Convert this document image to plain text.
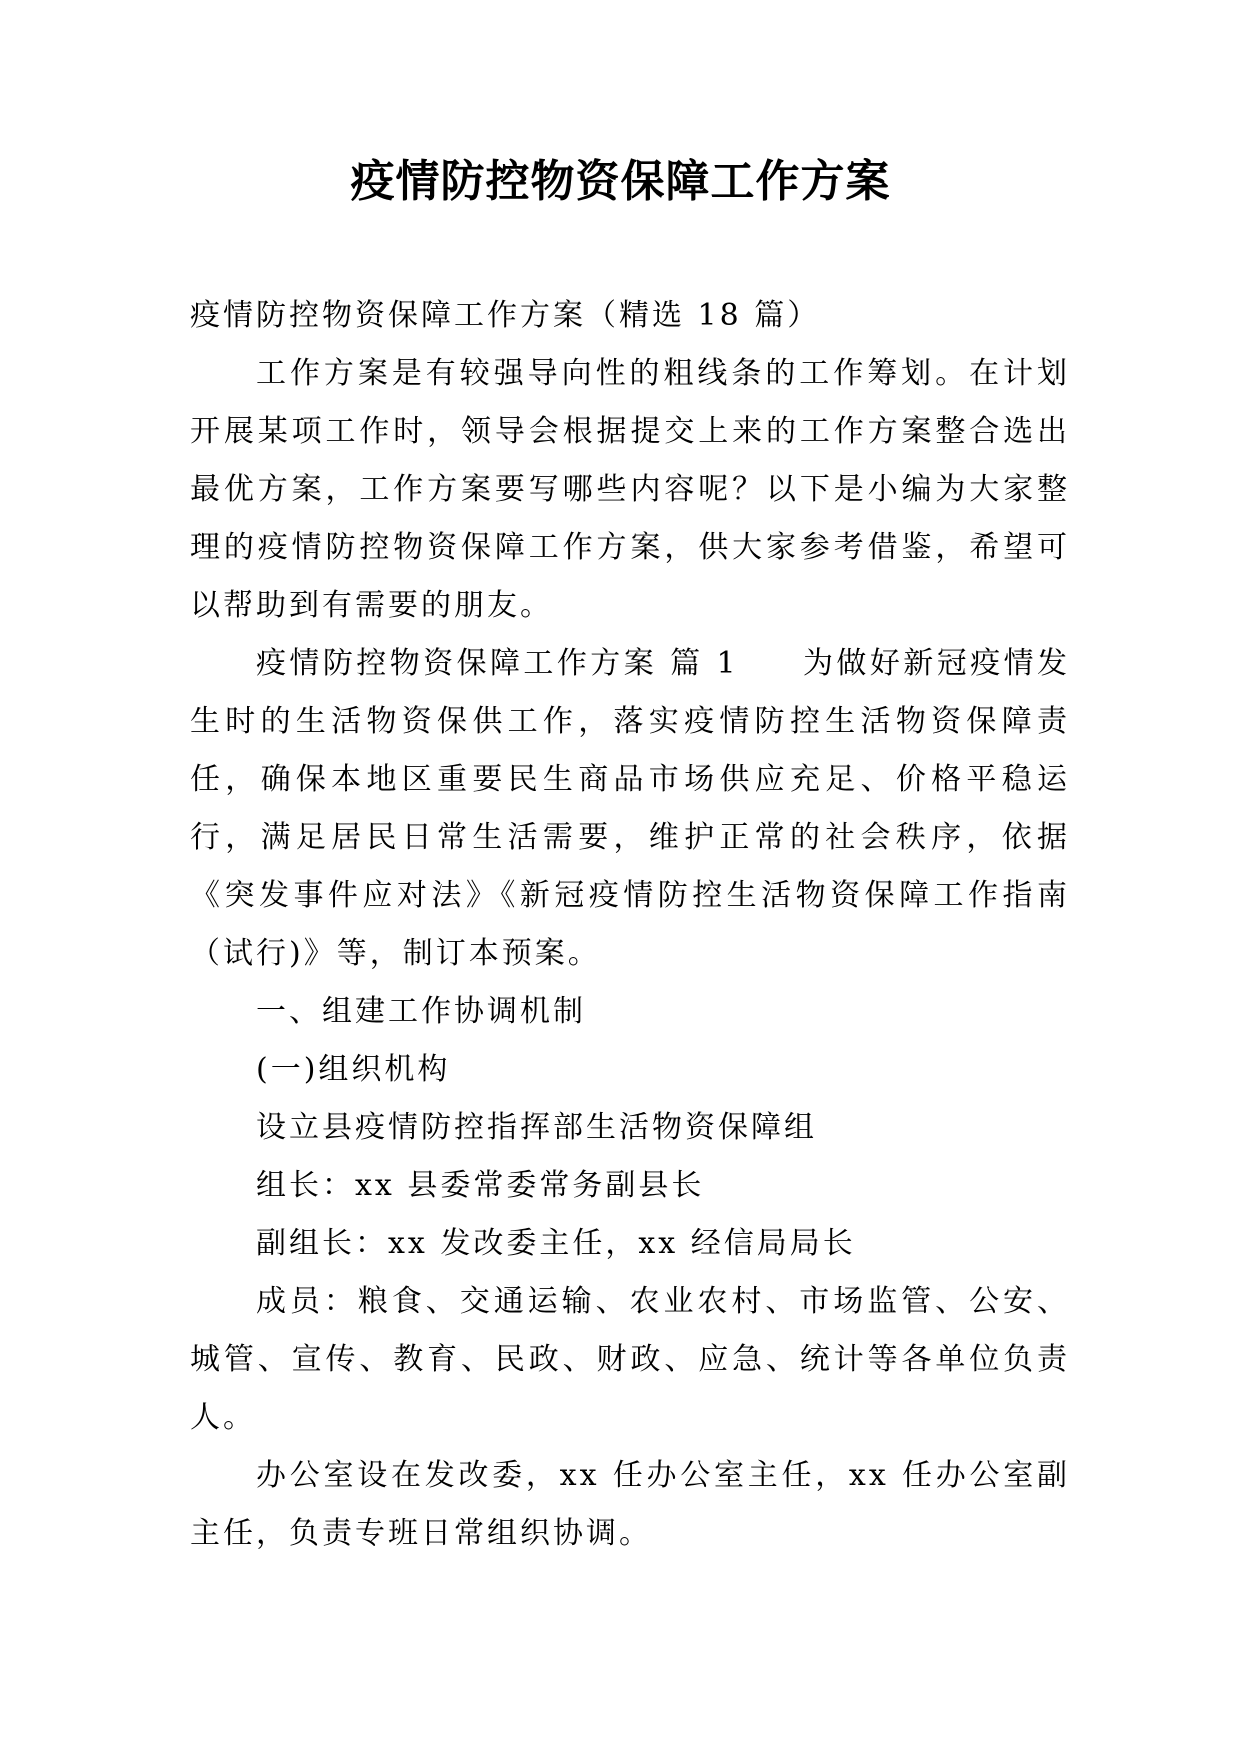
疫情防控物资保障工作方案

疫情防控物资保障工作方案（精选 18 篇）

工作方案是有较强导向性的粗线条的工作筹划。在计划开展某项工作时，领导会根据提交上来的工作方案整合选出最优方案，工作方案要写哪些内容呢？以下是小编为大家整理的疫情防控物资保障工作方案，供大家参考借鉴，希望可以帮助到有需要的朋友。

疫情防控物资保障工作方案 篇 1 为做好新冠疫情发生时的生活物资保供工作，落实疫情防控生活物资保障责任，确保本地区重要民生商品市场供应充足、价格平稳运行，满足居民日常生活需要，维护正常的社会秩序，依据《突发事件应对法》《新冠疫情防控生活物资保障工作指南（试行)》等，制订本预案。

一、组建工作协调机制

(一)组织机构

设立县疫情防控指挥部生活物资保障组

组长：xx 县委常委常务副县长

副组长：xx 发改委主任，xx 经信局局长

成员：粮食、交通运输、农业农村、市场监管、公安、城管、宣传、教育、民政、财政、应急、统计等各单位负责人。

办公室设在发改委，xx 任办公室主任，xx 任办公室副主任，负责专班日常组织协调。
